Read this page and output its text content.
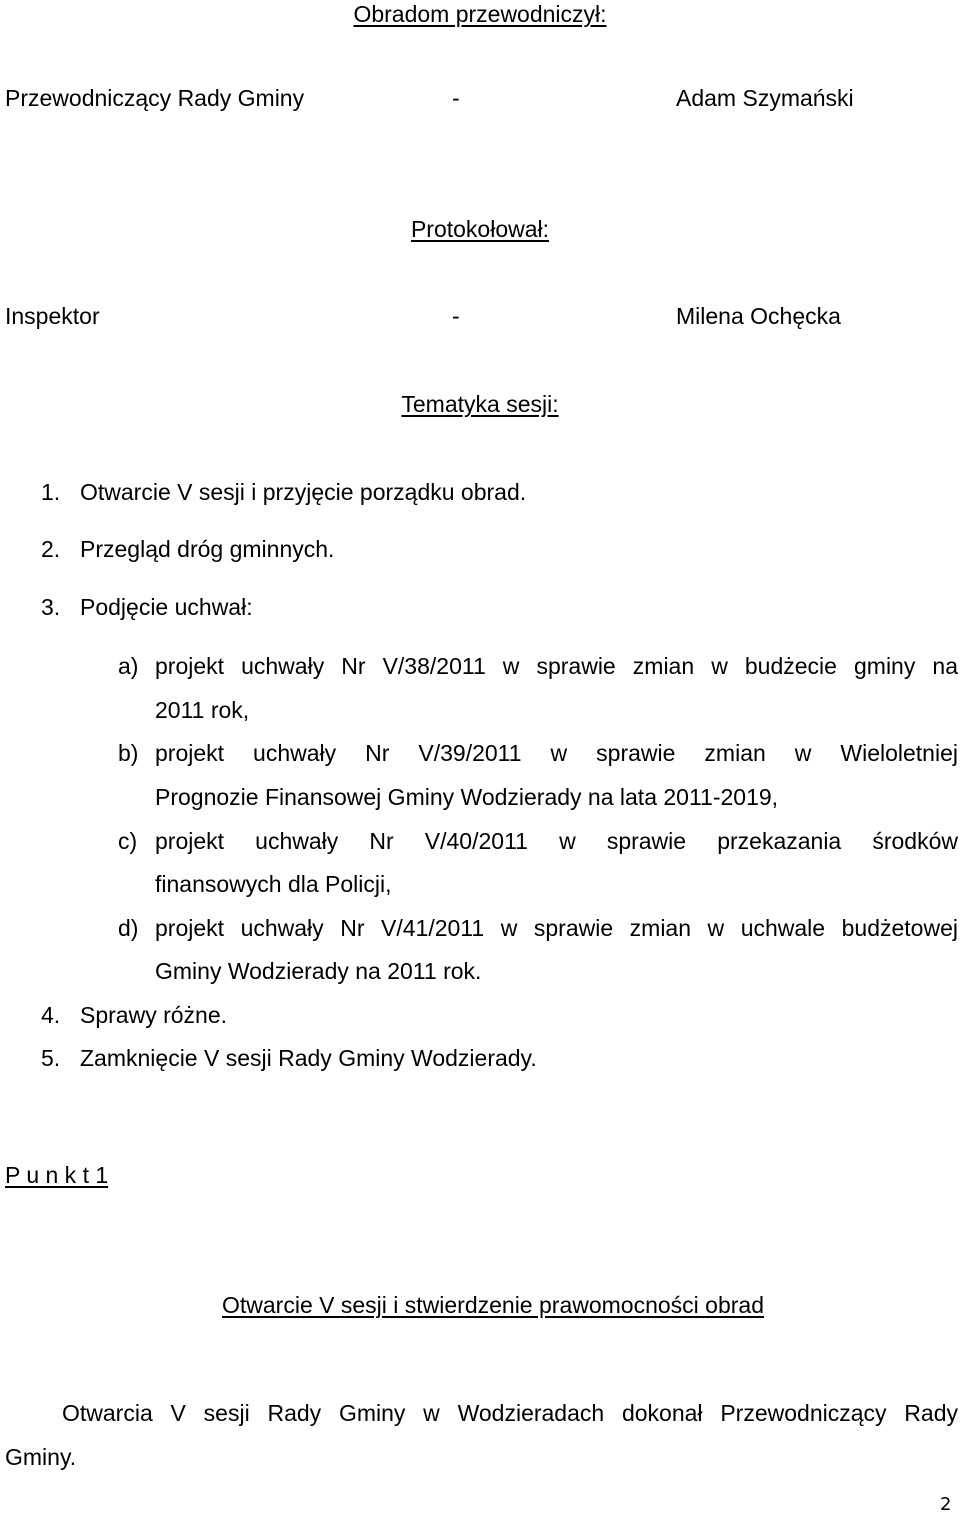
Obradom przewodniczył:
Przewodniczący Rady Gminy	-	Adam Szymański
Protokołował:
Inspektor	-	Milena Ochęcka
Tematyka sesji:
1. Otwarcie V sesji i przyjęcie porządku obrad.
2. Przegląd dróg gminnych.
3. Podjęcie uchwał:
a) projekt uchwały Nr V/38/2011 w sprawie zmian w budżecie gminy na
2011 rok,
b) projekt uchwały Nr V/39/2011 w sprawie zmian w Wieloletniej
Prognozie Finansowej Gminy Wodzierady na lata 2011-2019,
c) projekt uchwały Nr V/40/2011 w sprawie przekazania środków
finansowych dla Policji,
d) projekt uchwały Nr V/41/2011 w sprawie zmian w uchwale budżetowej
Gminy Wodzierady na 2011 rok.
4. Sprawy różne.
5. Zamknięcie V sesji Rady Gminy Wodzierady.
P u n k t 1
Otwarcie V sesji i stwierdzenie prawomocności obrad
Otwarcia V sesji Rady Gminy w Wodzieradach dokonał Przewodniczący Rady
Gminy.
2
